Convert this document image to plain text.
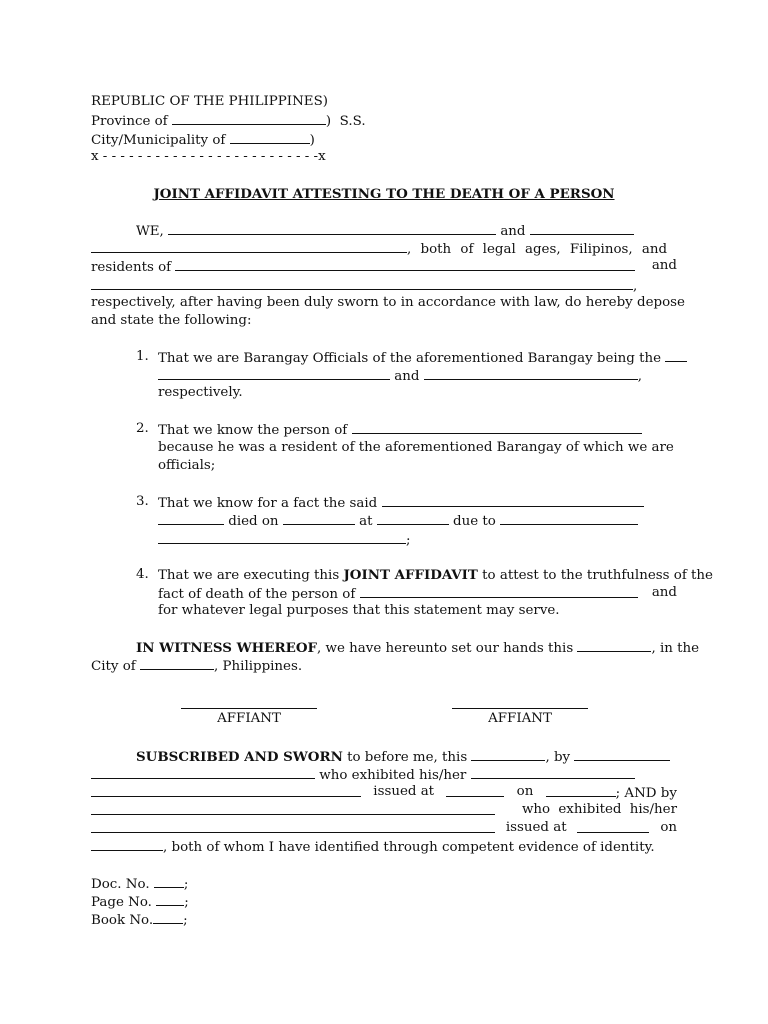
REPUBLIC OF THE PHILIPPINES)
Province of	) S.S.
City/Municipality of	)
x - - - - - - - - - - - - - - - - - - - - - - - - -x
JOINT AFFIDAVIT ATTESTING TO THE DEATH OF A PERSON
WE,	and
, both of legal ages, Filipinos, and
residents of	and
,
respectively, after having been duly sworn to in accordance with law, do hereby depose
and state the following:
1. That we are Barangay Officials of the aforementioned Barangay being the
and	,
respectively.
2. That we know the person of
because he was a resident of the aforementioned Barangay of which we are
officials;
3. That we know for a fact the said
died on	at	due to
;
4. That we are executing this JOINT AFFIDAVIT to attest to the truthfulness of the
fact of death of the person of	and
for whatever legal purposes that this statement may serve.
IN WITNESS WHEREOF, we have hereunto set our hands this	, in the
City of	, Philippines.
AFFIANT	AFFIANT
SUBSCRIBED AND SWORN to before me, this	, by
who exhibited his/her
issued at	on	; AND by
who exhibited his/her
issued at	on
, both of whom I have identified through competent evidence of identity.
Doc. No.	;
Page No. ;
Book No. ;
